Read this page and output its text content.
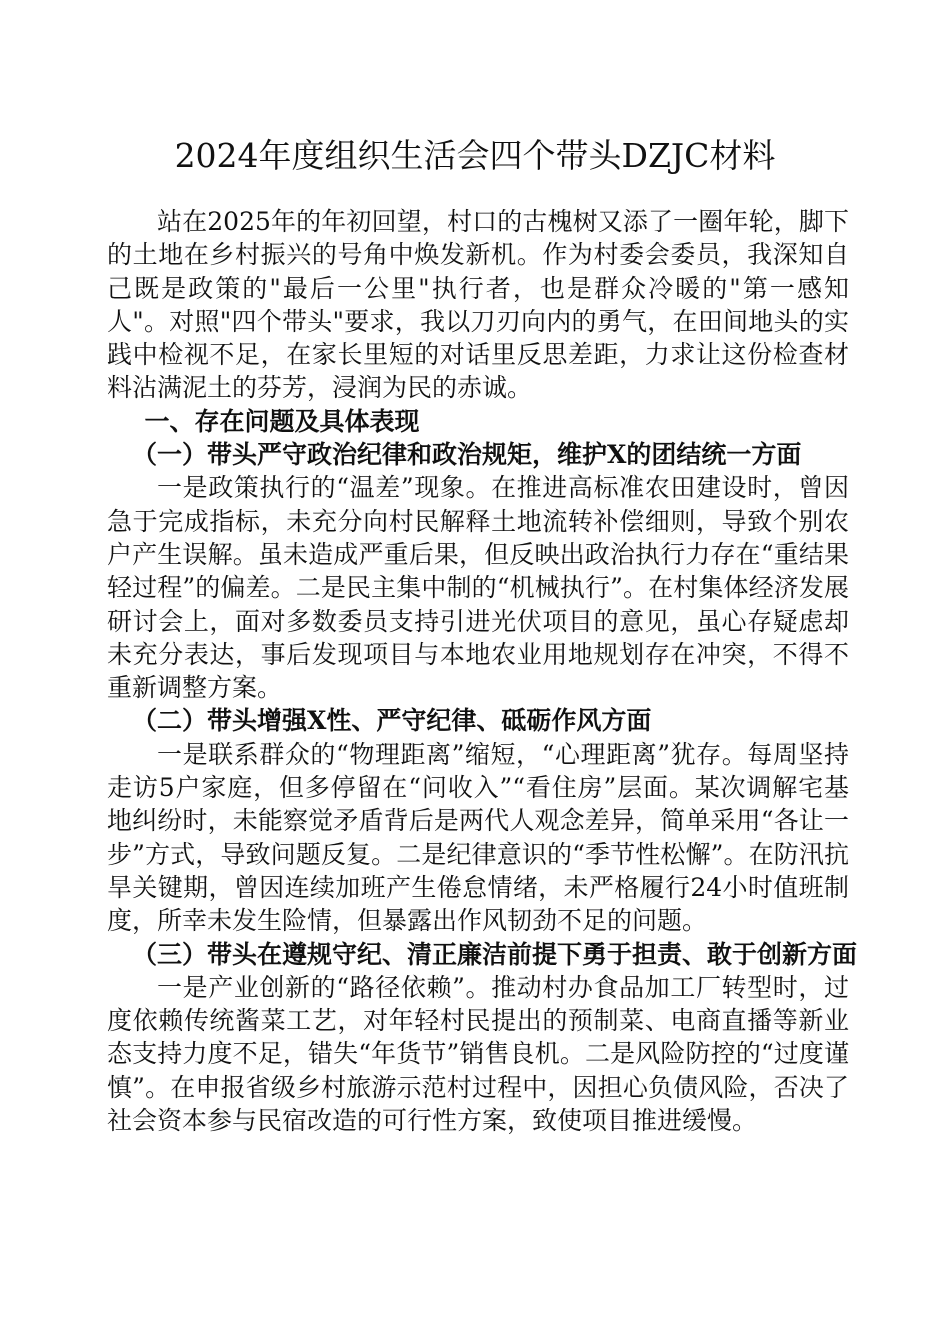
2024年度组织生活会四个带头DZJC材料

站在2025年的年初回望，村口的古槐树又添了一圈年轮，脚下的土地在乡村振兴的号角中焕发新机。作为村委会委员，我深知自己既是政策的"最后一公里"执行者，也是群众冷暖的"第一感知人"。对照"四个带头"要求，我以刀刃向内的勇气，在田间地头的实践中检视不足，在家长里短的对话里反思差距，力求让这份检查材料沾满泥土的芬芳，浸润为民的赤诚。

一、存在问题及具体表现

（一）带头严守政治纪律和政治规矩，维护X的团结统一方面

一是政策执行的“温差”现象。在推进高标准农田建设时，曾因急于完成指标，未充分向村民解释土地流转补偿细则，导致个别农户产生误解。虽未造成严重后果，但反映出政治执行力存在“重结果轻过程”的偏差。二是民主集中制的“机械执行”。在村集体经济发展研讨会上，面对多数委员支持引进光伏项目的意见，虽心存疑虑却未充分表达，事后发现项目与本地农业用地规划存在冲突，不得不重新调整方案。

（二）带头增强X性、严守纪律、砥砺作风方面

一是联系群众的“物理距离”缩短，“心理距离”犹存。每周坚持走访5户家庭，但多停留在“问收入”“看住房”层面。某次调解宅基地纠纷时，未能察觉矛盾背后是两代人观念差异，简单采用“各让一步”方式，导致问题反复。二是纪律意识的“季节性松懈”。在防汛抗旱关键期，曾因连续加班产生倦怠情绪，未严格履行24小时值班制度，所幸未发生险情，但暴露出作风韧劲不足的问题。

（三）带头在遵规守纪、清正廉洁前提下勇于担责、敢于创新方面

一是产业创新的“路径依赖”。推动村办食品加工厂转型时，过度依赖传统酱菜工艺，对年轻村民提出的预制菜、电商直播等新业态支持力度不足，错失“年货节”销售良机。二是风险防控的“过度谨慎”。在申报省级乡村旅游示范村过程中，因担心负债风险，否决了社会资本参与民宿改造的可行性方案，致使项目推进缓慢。
